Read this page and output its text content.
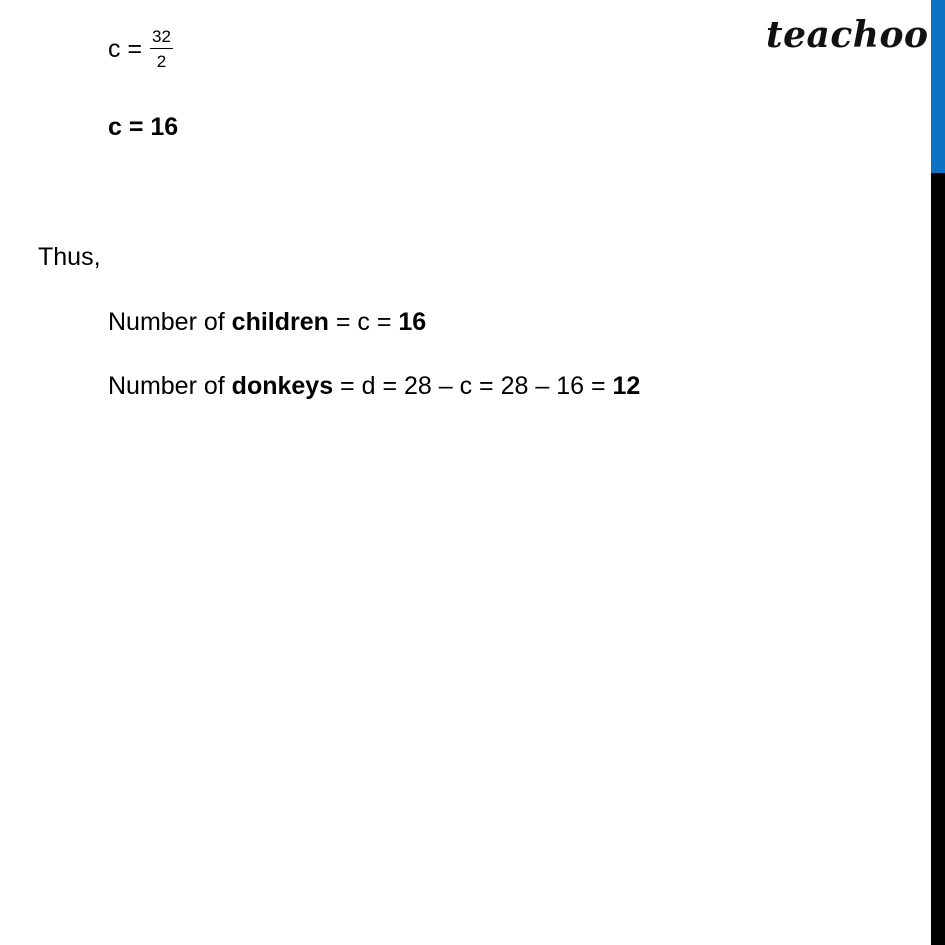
teachoo
$c = \frac{32}{2}$
c = 16
Thus,
Number of children = c = 16
Number of donkeys = d = 28 – c = 28 – 16 = 12
